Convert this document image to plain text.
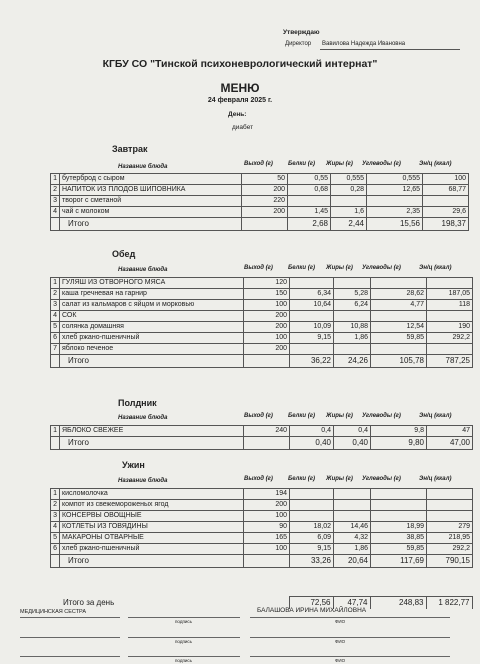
Утверждаю
Директор Вавилова Надежда Ивановна
КГБУ СО "Тинской психоневрологический интернат"
МЕНЮ
24 февраля 2025 г.
День:
диабет
Завтрак
Название блюда	Выход (г)	Белки (г) Жиры (г) Углеводы (г)	Эн/ц (ккал)
1	бутерброд с сыром	50	0,55	0,555	0,555	100
2	НАПИТОК ИЗ ПЛОДОВ ШИПОВНИКА	200	0,68	0,28	12,65	68,77
3	творог с сметаной	220				
4	чай с молоком	200	1,45	1,6	2,35	29,6
	Итого		2,68	2,44	15,56	198,37
Обед
Название блюда	Выход (г)	Белки (г) Жиры (г) Углеводы (г)	Эн/ц (ккал)
1	ГУЛЯШ ИЗ ОТВОРНОГО МЯСА	120				
2	каша гречневая на гарнир	150	6,34	5,28	28,62	187,05
3	салат из кальмаров с яйцом и морковью	100	10,64	6,24	4,77	118
4	СОК	200				
5	солянка домашняя	200	10,09	10,88	12,54	190
6	хлеб ржано-пшеничный	100	9,15	1,86	59,85	292,2
7	яблоко печеное	200				
	Итого		36,22	24,26	105,78	787,25
Полдник
Название блюда	Выход (г)	Белки (г) Жиры (г) Углеводы (г)	Эн/ц (ккал)
1	ЯБЛОКО СВЕЖЕЕ	240	0,4	0,4	9,8	47
	Итого		0,40	0,40	9,80	47,00
Ужин
Название блюда	Выход (г)	Белки (г) Жиры (г) Углеводы (г)	Эн/ц (ккал)
1	кисломолочка	194				
2	компот из свежемороженых ягод	200				
3	КОНСЕРВЫ ОВОЩНЫЕ	100				
4	КОТЛЕТЫ ИЗ ГОВЯДИНЫ	90	18,02	14,46	18,99	279
5	МАКАРОНЫ ОТВАРНЫЕ	165	6,09	4,32	38,85	218,95
6	хлеб ржано-пшеничный	100	9,15	1,86	59,85	292,2
	Итого		33,26	20,64	117,69	790,15
	Итого за день		72,56	47,74	248,83	1 822,77
МЕДИЦИНСКАЯ СЕСТРА	БАЛАШОВА ИРИНА МИХАЙЛОВНА
подпись	ФИО
подпись	ФИО
подпись	ФИО
